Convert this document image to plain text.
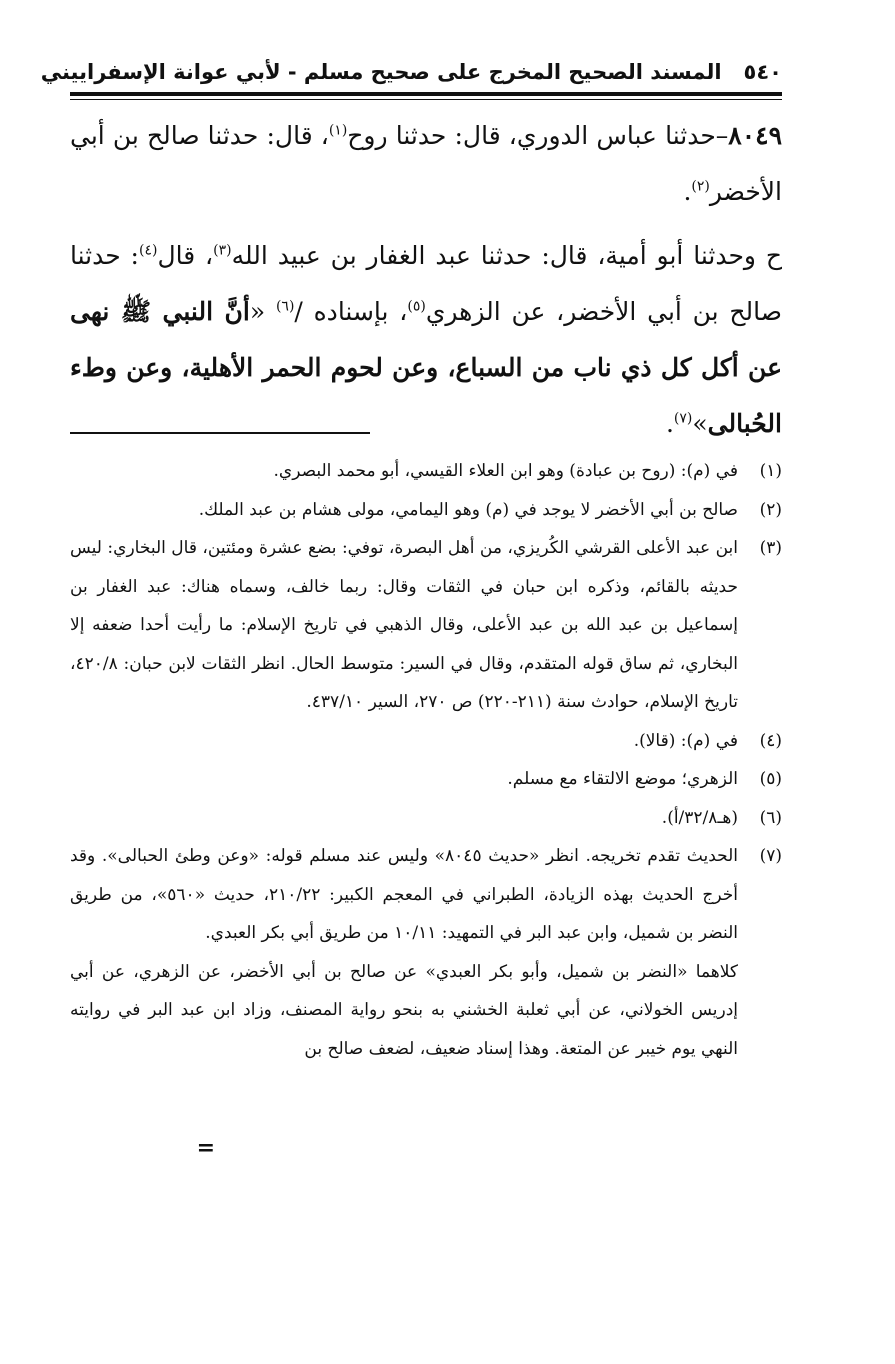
٥٤٠
المسند الصحيح المخرج على صحيح مسلم - لأبي عوانة الإسفراييني

٨٠٤٩–حدثنا عباس الدوري، قال: حدثنا روح$^{(١)}$، قال: حدثنا صالح بن أبي الأخضر$^{(٢)}$.

ح وحدثنا أبو أمية، قال: حدثنا عبد الغفار بن عبيد الله$^{(٣)}$، قال$^{(٤)}$: حدثنا صالح بن أبي الأخضر، عن الزهري$^{(٥)}$، بإسناده /$^{(٦)}$ «أنَّ النبي ﷺ نهى عن أكل كل ذي ناب من السباع، وعن لحوم الحمر الأهلية، وعن وطء الحُبالى»$^{(٧)}$.

(١)
في (م): (روح بن عبادة) وهو ابن العلاء القيسي، أبو محمد البصري.
(٢)
صالح بن أبي الأخضر لا يوجد في (م) وهو اليمامي، مولى هشام بن عبد الملك.
(٣)
ابن عبد الأعلى القرشي الكُريزي، من أهل البصرة، توفي: بضع عشرة ومئتين، قال البخاري: ليس حديثه بالقائم، وذكره ابن حبان في الثقات وقال: ربما خالف، وسماه هناك: عبد الغفار بن إسماعيل بن عبد الله بن عبد الأعلى، وقال الذهبي في تاريخ الإسلام: ما رأيت أحدا ضعفه إلا البخاري، ثم ساق قوله المتقدم، وقال في السير: متوسط الحال. انظر الثقات لابن حبان: ٤٢٠/٨، تاريخ الإسلام، حوادث سنة (٢١١-٢٢٠) ص ٢٧٠، السير ٤٣٧/١٠.
(٤)
في (م): (قالا).
(٥)
الزهري؛ موضع الالتقاء مع مسلم.
(٦)
(هـ٣٢/٨/أ).
(٧)
الحديث تقدم تخريجه. انظر «حديث ٨٠٤٥» وليس عند مسلم قوله: «وعن وطئ الحبالى». وقد أخرج الحديث بهذه الزيادة، الطبراني في المعجم الكبير: ٢١٠/٢٢، حديث «٥٦٠»، من طريق النضر بن شميل، وابن عبد البر في التمهيد: ١٠/١١ من طريق أبي بكر العبدي.
كلاهما «النضر بن شميل، وأبو بكر العبدي» عن صالح بن أبي الأخضر، عن الزهري، عن أبي إدريس الخولاني، عن أبي ثعلبة الخشني به بنحو رواية المصنف، وزاد ابن عبد البر في روايته النهي يوم خيبر عن المتعة. وهذا إسناد ضعيف، لضعف صالح بن
=
